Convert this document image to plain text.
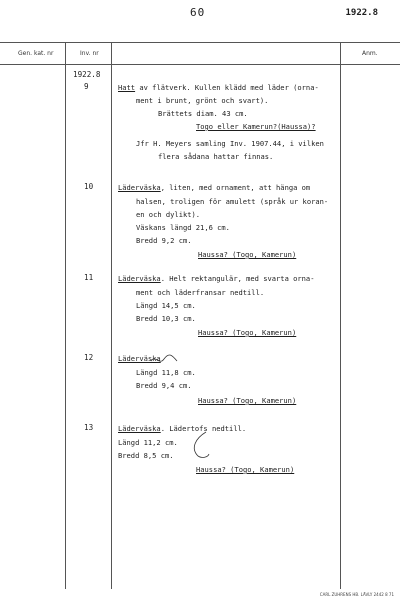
60	1922.8
Gen. kat. nr	Inv. nr	Anm.
1922.8
9	Hatt av flätverk. Kullen klädd med läder (orna-
ment i brunt, grönt och svart).
Brättets diam. 43 cm.
Togo eller Kamerun?(Haussa)?
Jfr H. Meyers samling Inv. 1907.44, i vilken
flera sådana hattar finnas.
10	Läderväska, liten, med ornament, att hänga om
halsen, troligen för amulett (språk ur koran-
en och dylikt).
Väskans längd 21,6 cm.
Bredd 9,2 cm.
Haussa? (Togo, Kamerun)
11	Läderväska. Helt rektangulär, med svarta orna-
ment och läderfransar nedtill.
Längd 14,5 cm.
Bredd 10,3 cm.
Haussa? (Togo, Kamerun)
12	Läderväska
Längd 11,8 cm.
Bredd 9,4 cm.
Haussa? (Togo, Kamerun)
13	Läderväska. Lädertofs nedtill.
Längd 11,2 cm.
Bredd 8,5 cm.
Haussa? (Togo, Kamerun)
CARL ZUHRENS HB. LÄVLY 2442 8 71
